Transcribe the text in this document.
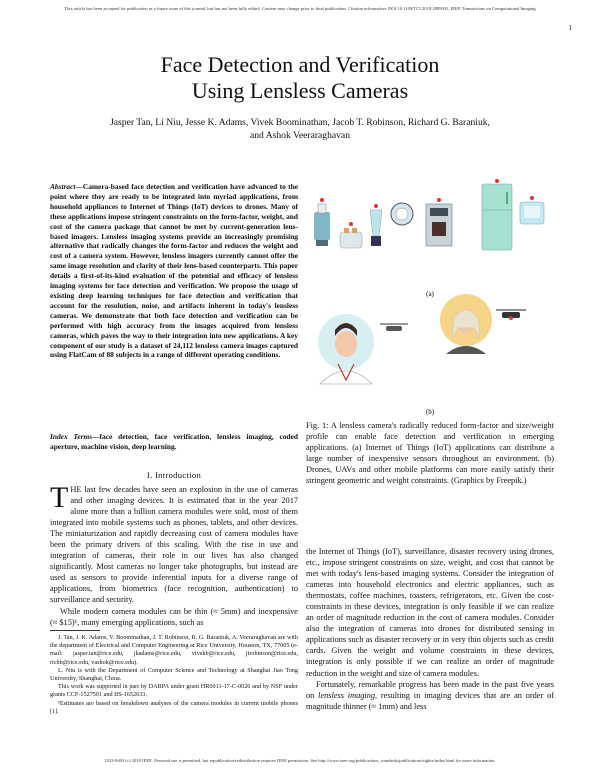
This article has been accepted for publication in a future issue of this journal, but has not been fully edited. Content may change prior to final publication. Citation information: DOI 10.1109/TCI.2018.2889933, IEEE Transactions on Computational Imaging
1
Face Detection and Verification
Using Lensless Cameras
Jasper Tan, Li Niu, Jesse K. Adams, Vivek Boominathan, Jacob T. Robinson, Richard G. Baraniuk,
and Ashok Veeraraghavan
Abstract—Camera-based face detection and verification have advanced to the point where they are ready to be integrated into myriad applications, from household appliances to Internet of Things (IoT) devices to drones. Many of these applications impose stringent constraints on the form-factor, weight, and cost of the camera package that cannot be met by current-generation lens-based imagers. Lensless imaging systems provide an increasingly promising alternative that radically changes the form-factor and reduces the weight and cost of a camera system. However, lensless imagers currently cannot offer the same image resolution and clarity of their lens-based counterparts. This paper details a first-of-its-kind evaluation of the potential and efficacy of lensless imaging systems for face detection and verification. We propose the usage of existing deep learning techniques for face detection and verification that account for the resolution, noise, and artifacts inherent in today's lensless cameras. We demonstrate that both face detection and verification can be performed with high accuracy from the images acquired from lensless cameras, which paves the way to their integration into new applications. A key component of our study is a dataset of 24,112 lensless camera images captured using FlatCam of 88 subjects in a range of different operating conditions.
Index Terms—face detection, face verification, lensless imaging, coded aperture, machine vision, deep learning.
I. Introduction

THE last few decades have seen an explosion in the use of cameras and other imaging devices. It is estimated that in the year 2017 alone more than a billion camera modules were sold, most of them integrated into mobile systems such as phones, tablets, and other devices. The miniaturization and rapidly decreasing cost of camera modules have been the primary drivers of this scaling. With the rise in use and integration of cameras, their role in our lives has also changed significantly. Most cameras no longer take photographs, but instead are used as sensors to provide inferential inputs for a diverse range of applications, from biometrics (face recognition, authentication) to surveillance and security.

While modern camera modules can be thin (≈ 5mm) and inexpensive (≈ $15)¹, many emerging applications, such as

J. Tan, J. K. Adams, V. Boominathan, J. T. Robinson, R. G. Baraniuk, A. Veeraraghavan are with the department of Electrical and Computer Engineering at Rice University, Houston, TX, 77005 (e-mail: jasper.tan@rice.edu, jkadams@rice.edu, vivekb@rice.edu, jtrobinson@rice.edu, richb@rice.edu, vashok@rice.edu).

L. Niu is with the Department of Computer Science and Technology at Shanghai Jiao Tong University, Shanghai, China.

This work was supported in part by DARPA under grant HR0011-17-C-0026 and by NSF under grants CCF-1527501 and IIS-1652633.

¹Estimates are based on breakdown analyses of the camera modules in current mobile phones [1].

(a)
(b)
Fig. 1: A lensless camera's radically reduced form-factor and size/weight profile can enable face detection and verification in emerging applications. (a) Internet of Things (IoT) applications can distribute a large number of inexpensive sensors throughout an environment. (b) Drones, UAVs and other mobile platforms can more easily satisfy their stringent geometric and weight constraints. (Graphics by Freepik.)

the Internet of Things (IoT), surveillance, disaster recovery using drones, etc., impose stringent constraints on size, weight, and cost that cannot be met with today's lens-based imaging systems. Consider the integration of cameras into household electronics and electric appliances, such as thermostats, coffee machines, toasters, refrigerators, etc. Given the cost-constraints in these devices, integration is only feasible if we can realize an order of magnitude reduction in the cost of camera modules. Consider also the integration of cameras into drones for distributed sensing in applications such as disaster recovery or in very thin objects such as credit cards. Given the weight and volume constraints in these devices, integration is only possible if we can realize an order of magnitude reduction in the weight and size of camera modules.

Fortunately, remarkable progress has been made in the past five years on lensless imaging, resulting in imaging devices that are an order of magnitude thinner (≈ 1mm) and less

2333-9403 (c) 2018 IEEE. Personal use is permitted, but republication/redistribution requires IEEE permission. See http://www.ieee.org/publications_standards/publications/rights/index.html for more information.
